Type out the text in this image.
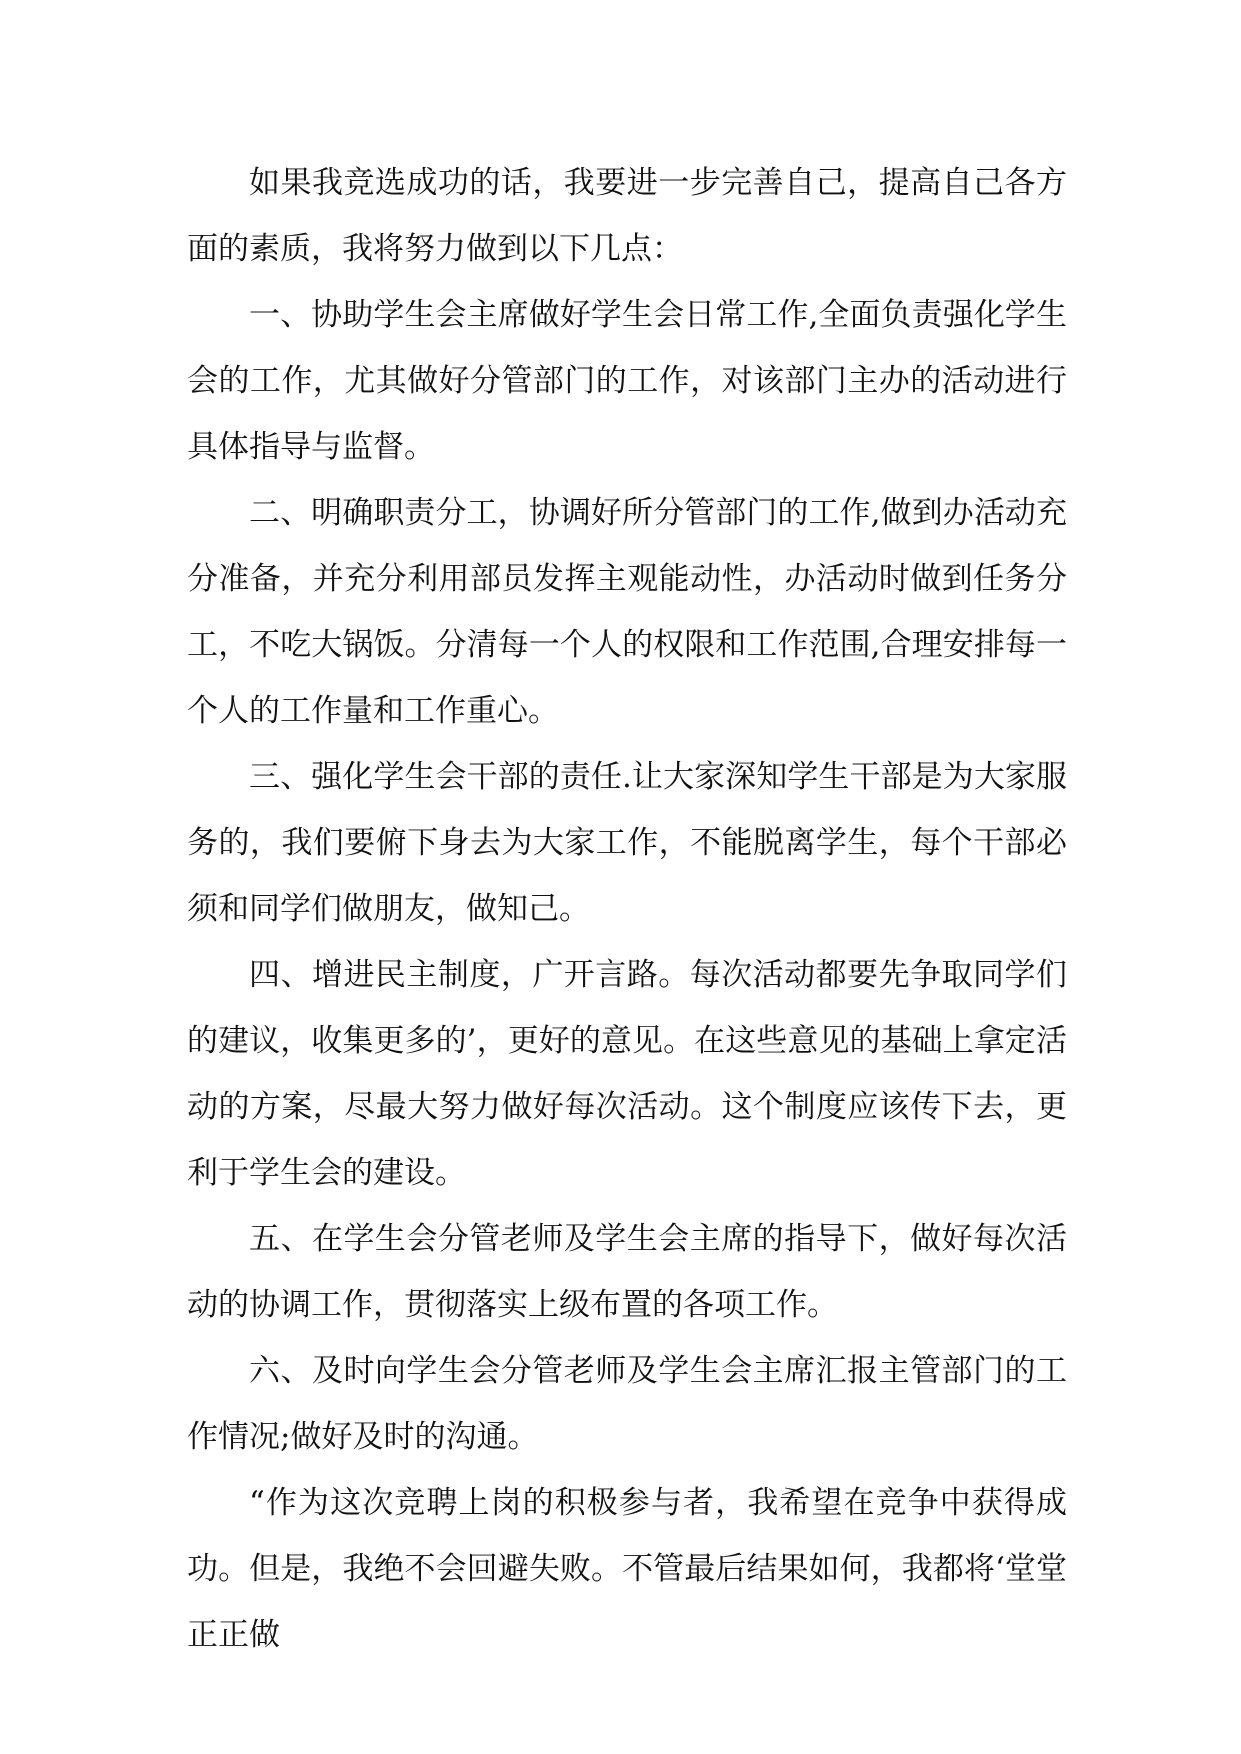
如果我竞选成功的话，我要进一步完善自己，提高自己各方面的素质，我将努力做到以下几点：

一、协助学生会主席做好学生会日常工作,全面负责强化学生会的工作，尤其做好分管部门的工作，对该部门主办的活动进行具体指导与监督。

二、明确职责分工，协调好所分管部门的工作,做到办活动充分准备，并充分利用部员发挥主观能动性，办活动时做到任务分工，不吃大锅饭。分清每一个人的权限和工作范围,合理安排每一个人的工作量和工作重心。

三、强化学生会干部的责任.让大家深知学生干部是为大家服务的，我们要俯下身去为大家工作，不能脱离学生，每个干部必须和同学们做朋友，做知己。

四、增进民主制度，广开言路。每次活动都要先争取同学们的建议，收集更多的’，更好的意见。在这些意见的基础上拿定活动的方案，尽最大努力做好每次活动。这个制度应该传下去，更利于学生会的建设。

五、在学生会分管老师及学生会主席的指导下，做好每次活动的协调工作，贯彻落实上级布置的各项工作。

六、及时向学生会分管老师及学生会主席汇报主管部门的工作情况;做好及时的沟通。

“作为这次竞聘上岗的积极参与者，我希望在竞争中获得成功。但是，我绝不会回避失败。不管最后结果如何，我都将‘堂堂正正做
